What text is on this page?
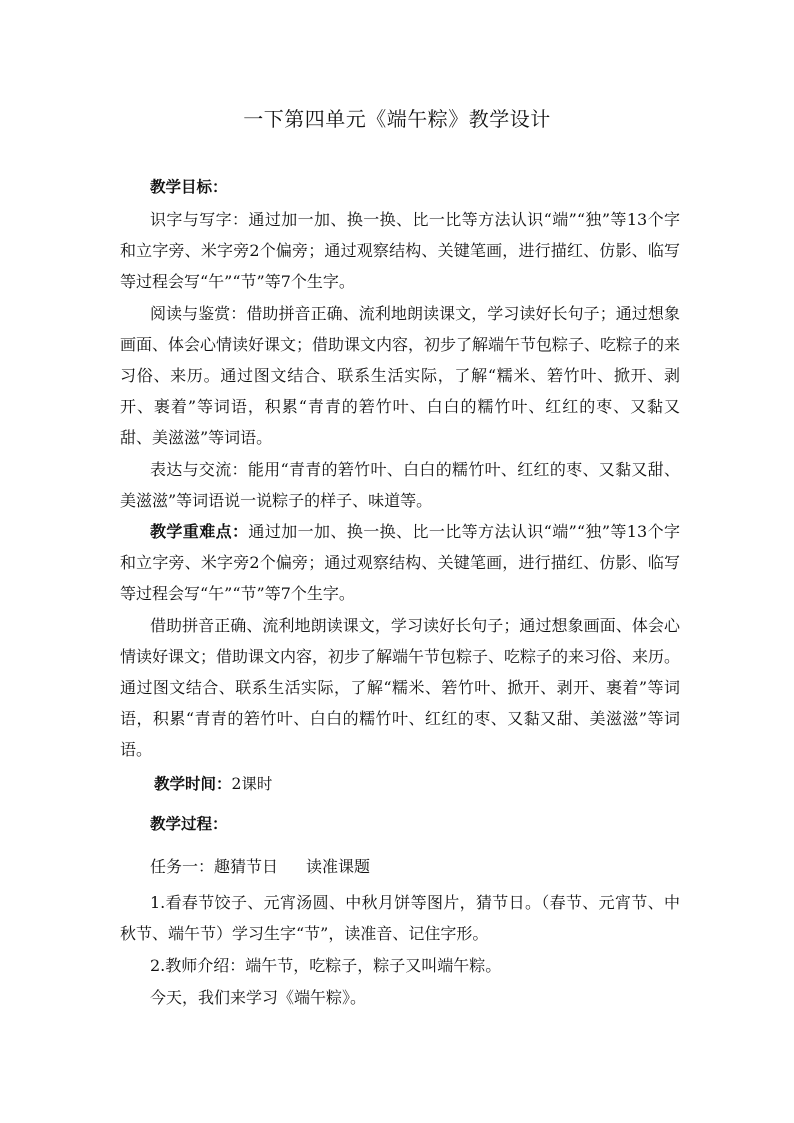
一下第四单元《端午粽》教学设计
教学目标：

识字与写字：通过加一加、换一换、比一比等方法认识“端”“独”等13个字和立字旁、米字旁2个偏旁；通过观察结构、关键笔画，进行描红、仿影、临写等过程会写“午”“节”等7个生字。

阅读与鉴赏：借助拼音正确、流利地朗读课文，学习读好长句子；通过想象画面、体会心情读好课文；借助课文内容，初步了解端午节包粽子、吃粽子的来习俗、来历。通过图文结合、联系生活实际，了解“糯米、箬竹叶、掀开、剥开、裹着”等词语，积累“青青的箬竹叶、白白的糯竹叶、红红的枣、又黏又甜、美滋滋”等词语。

表达与交流：能用“青青的箬竹叶、白白的糯竹叶、红红的枣、又黏又甜、美滋滋”等词语说一说粽子的样子、味道等。

教学重难点：通过加一加、换一换、比一比等方法认识“端”“独”等13个字和立字旁、米字旁2个偏旁；通过观察结构、关键笔画，进行描红、仿影、临写等过程会写“午”“节”等7个生字。

借助拼音正确、流利地朗读课文，学习读好长句子；通过想象画面、体会心情读好课文；借助课文内容，初步了解端午节包粽子、吃粽子的来习俗、来历。通过图文结合、联系生活实际，了解“糯米、箬竹叶、掀开、剥开、裹着”等词语，积累“青青的箬竹叶、白白的糯竹叶、红红的枣、又黏又甜、美滋滋”等词语。

教学时间：2课时
教学过程：
任务一：趣猜节日 读准课题

1.看春节饺子、元宵汤圆、中秋月饼等图片，猜节日。（春节、元宵节、中秋节、端午节）学习生字“节”，读准音、记住字形。

2.教师介绍：端午节，吃粽子，粽子又叫端午粽。

今天，我们来学习《端午粽》。
